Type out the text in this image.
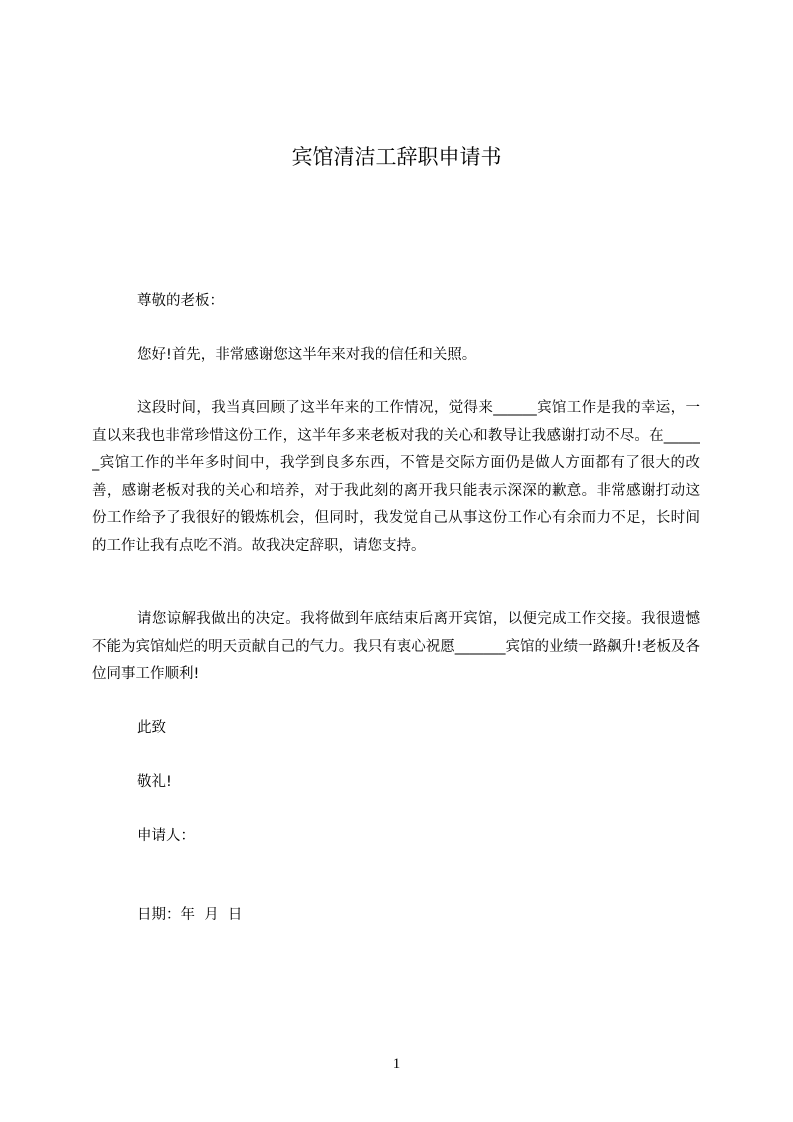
宾馆清洁工辞职申请书
尊敬的老板：
您好!首先，非常感谢您这半年来对我的信任和关照。
这段时间，我当真回顾了这半年来的工作情况，觉得来______宾馆工作是我的幸运，一直以来我也非常珍惜这份工作，这半年多来老板对我的关心和教导让我感谢打动不尽。在______宾馆工作的半年多时间中，我学到良多东西，不管是交际方面仍是做人方面都有了很大的改善，感谢老板对我的关心和培养，对于我此刻的离开我只能表示深深的歉意。非常感谢打动这份工作给予了我很好的锻炼机会，但同时，我发觉自己从事这份工作心有余而力不足，长时间的工作让我有点吃不消。故我决定辞职，请您支持。
请您谅解我做出的决定。我将做到年底结束后离开宾馆，以便完成工作交接。我很遗憾不能为宾馆灿烂的明天贡献自己的气力。我只有衷心祝愿_______宾馆的业绩一路飙升!老板及各位同事工作顺利!
此致
敬礼!
申请人：
日期：年  月  日
1
